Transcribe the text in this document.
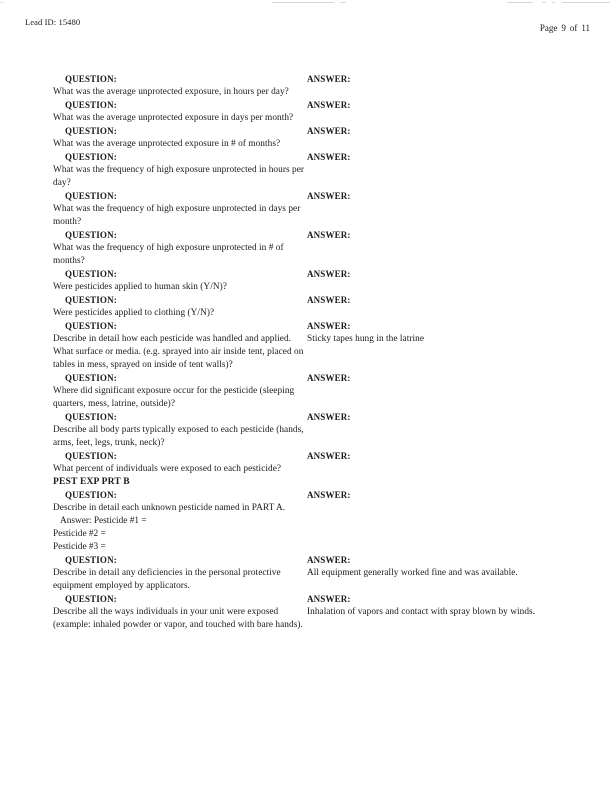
Lead ID: 15480
Page 9 of 11
QUESTION:
What was the average unprotected exposure, in hours per day?
ANSWER:
QUESTION:
What was the average unprotected exposure in days per month?
ANSWER:
QUESTION:
What was the average unprotected exposure in # of months?
ANSWER:
QUESTION:
What was the frequency of high exposure unprotected in hours per day?
ANSWER:
QUESTION:
What was the frequency of high exposure unprotected in days per month?
ANSWER:
QUESTION:
What was the frequency of high exposure unprotected in # of months?
ANSWER:
QUESTION:
Were pesticides applied to human skin (Y/N)?
ANSWER:
QUESTION:
Were pesticides applied to clothing (Y/N)?
ANSWER:
QUESTION:
Describe in detail how each pesticide was handled and applied. What surface or media. (e.g. sprayed into air inside tent, placed on tables in mess, sprayed on inside of tent walls)?
ANSWER:
Sticky tapes hung in the latrine
QUESTION:
Where did significant exposure occur for the pesticide (sleeping quarters, mess, latrine, outside)?
ANSWER:
QUESTION:
Describe all body parts typically exposed to each pesticide (hands, arms, feet, legs, trunk, neck)?
ANSWER:
QUESTION:
What percent of individuals were exposed to each pesticide?
ANSWER:
PEST EXP PRT B
QUESTION:
Describe in detail each unknown pesticide named in PART A.
Answer: Pesticide #1 =
Pesticide #2 =
Pesticide #3 =
ANSWER:
QUESTION:
Describe in detail any deficiencies in the personal protective equipment employed by applicators.
ANSWER:
All equipment generally worked fine and was available.
QUESTION:
Describe all the ways individuals in your unit were exposed (example: inhaled powder or vapor, and touched with bare hands).
ANSWER:
Inhalation of vapors and contact with spray blown by winds.
